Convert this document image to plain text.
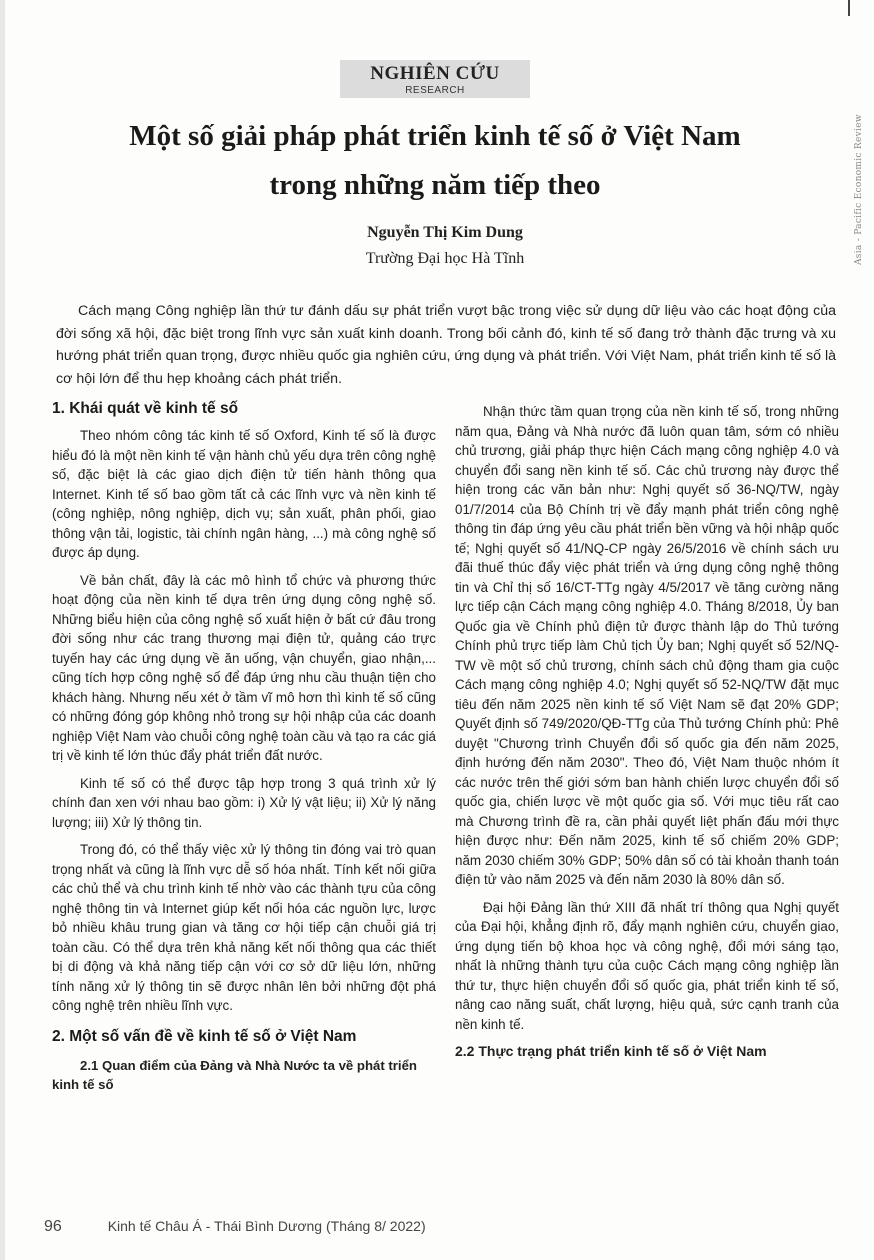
Asia - Pacific Economic Review
NGHIÊN CỨU
RESEARCH
Một số giải pháp phát triển kinh tế số ở Việt Nam
trong những năm tiếp theo
Nguyễn Thị Kim Dung
Trường Đại học Hà Tĩnh

Cách mạng Công nghiệp lần thứ tư đánh dấu sự phát triển vượt bậc trong việc sử dụng dữ liệu vào các hoạt động của đời sống xã hội, đặc biệt trong lĩnh vực sản xuất kinh doanh. Trong bối cảnh đó, kinh tế số đang trở thành đặc trưng và xu hướng phát triển quan trọng, được nhiều quốc gia nghiên cứu, ứng dụng và phát triển. Với Việt Nam, phát triển kinh tế số là cơ hội lớn để thu hẹp khoảng cách phát triển.

1. Khái quát về kinh tế số

Theo nhóm công tác kinh tế số Oxford, Kinh tế số là được hiểu đó là một nền kinh tế vận hành chủ yếu dựa trên công nghệ số, đặc biệt là các giao dịch điện tử tiến hành thông qua Internet. Kinh tế số bao gồm tất cả các lĩnh vực và nền kinh tế (công nghiệp, nông nghiệp, dịch vụ; sản xuất, phân phối, giao thông vận tải, logistic, tài chính ngân hàng, ...) mà công nghệ số được áp dụng.

Về bản chất, đây là các mô hình tổ chức và phương thức hoạt động của nền kinh tế dựa trên ứng dụng công nghệ số. Những biểu hiện của công nghệ số xuất hiện ở bất cứ đâu trong đời sống như các trang thương mại điện tử, quảng cáo trực tuyến hay các ứng dụng về ăn uống, vận chuyển, giao nhận,... cũng tích hợp công nghệ số để đáp ứng nhu cầu thuận tiện cho khách hàng. Nhưng nếu xét ở tầm vĩ mô hơn thì kinh tế số cũng có những đóng góp không nhỏ trong sự hội nhập của các doanh nghiệp Việt Nam vào chuỗi công nghệ toàn cầu và tạo ra các giá trị về kinh tế lớn thúc đẩy phát triển đất nước.

Kinh tế số có thể được tập hợp trong 3 quá trình xử lý chính đan xen với nhau bao gồm: i) Xử lý vật liệu; ii) Xử lý năng lượng; iii) Xử lý thông tin.

Trong đó, có thể thấy việc xử lý thông tin đóng vai trò quan trọng nhất và cũng là lĩnh vực dễ số hóa nhất. Tính kết nối giữa các chủ thể và chu trình kinh tế nhờ vào các thành tựu của công nghệ thông tin và Internet giúp kết nối hóa các nguồn lực, lược bỏ nhiều khâu trung gian và tăng cơ hội tiếp cận chuỗi giá trị toàn cầu. Có thể dựa trên khả năng kết nối thông qua các thiết bị di động và khả năng tiếp cận với cơ sở dữ liệu lớn, những tính năng xử lý thông tin sẽ được nhân lên bởi những đột phá công nghệ trên nhiều lĩnh vực.

2. Một số vấn đề về kinh tế số ở Việt Nam
2.1 Quan điểm của Đảng và Nhà Nước ta về phát triển kinh tế số

Nhận thức tầm quan trọng của nền kinh tế số, trong những năm qua, Đảng và Nhà nước đã luôn quan tâm, sớm có nhiều chủ trương, giải pháp thực hiện Cách mạng công nghiệp 4.0 và chuyển đổi sang nền kinh tế số. Các chủ trương này được thể hiện trong các văn bản như: Nghị quyết số 36-NQ/TW, ngày 01/7/2014 của Bộ Chính trị về đẩy mạnh phát triển công nghệ thông tin đáp ứng yêu cầu phát triển bền vững và hội nhập quốc tế; Nghị quyết số 41/NQ-CP ngày 26/5/2016 về chính sách ưu đãi thuế thúc đẩy việc phát triển và ứng dụng công nghệ thông tin và Chỉ thị số 16/CT-TTg ngày 4/5/2017 về tăng cường năng lực tiếp cận Cách mạng công nghiệp 4.0. Tháng 8/2018, Ủy ban Quốc gia về Chính phủ điện tử được thành lập do Thủ tướng Chính phủ trực tiếp làm Chủ tịch Ủy ban; Nghị quyết số 52/NQ-TW về một số chủ trương, chính sách chủ động tham gia cuộc Cách mạng công nghiệp 4.0; Nghị quyết số 52-NQ/TW đặt mục tiêu đến năm 2025 nền kinh tế số Việt Nam sẽ đạt 20% GDP; Quyết định số 749/2020/QĐ-TTg của Thủ tướng Chính phủ: Phê duyệt "Chương trình Chuyển đổi số quốc gia đến năm 2025, định hướng đến năm 2030". Theo đó, Việt Nam thuộc nhóm ít các nước trên thế giới sớm ban hành chiến lược chuyển đổi số quốc gia, chiến lược về một quốc gia số. Với mục tiêu rất cao mà Chương trình đề ra, cần phải quyết liệt phấn đấu mới thực hiện được như: Đến năm 2025, kinh tế số chiếm 20% GDP; năm 2030 chiếm 30% GDP; 50% dân số có tài khoản thanh toán điện tử vào năm 2025 và đến năm 2030 là 80% dân số.

Đại hội Đảng lần thứ XIII đã nhất trí thông qua Nghị quyết của Đại hội, khẳng định rõ, đẩy mạnh nghiên cứu, chuyển giao, ứng dụng tiến bộ khoa học và công nghệ, đổi mới sáng tạo, nhất là những thành tựu của cuộc Cách mạng công nghiệp lần thứ tư, thực hiện chuyển đổi số quốc gia, phát triển kinh tế số, nâng cao năng suất, chất lượng, hiệu quả, sức cạnh tranh của nền kinh tế.

2.2 Thực trạng phát triển kinh tế số ở Việt Nam
96	Kinh tế Châu Á - Thái Bình Dương (Tháng 8/ 2022)
